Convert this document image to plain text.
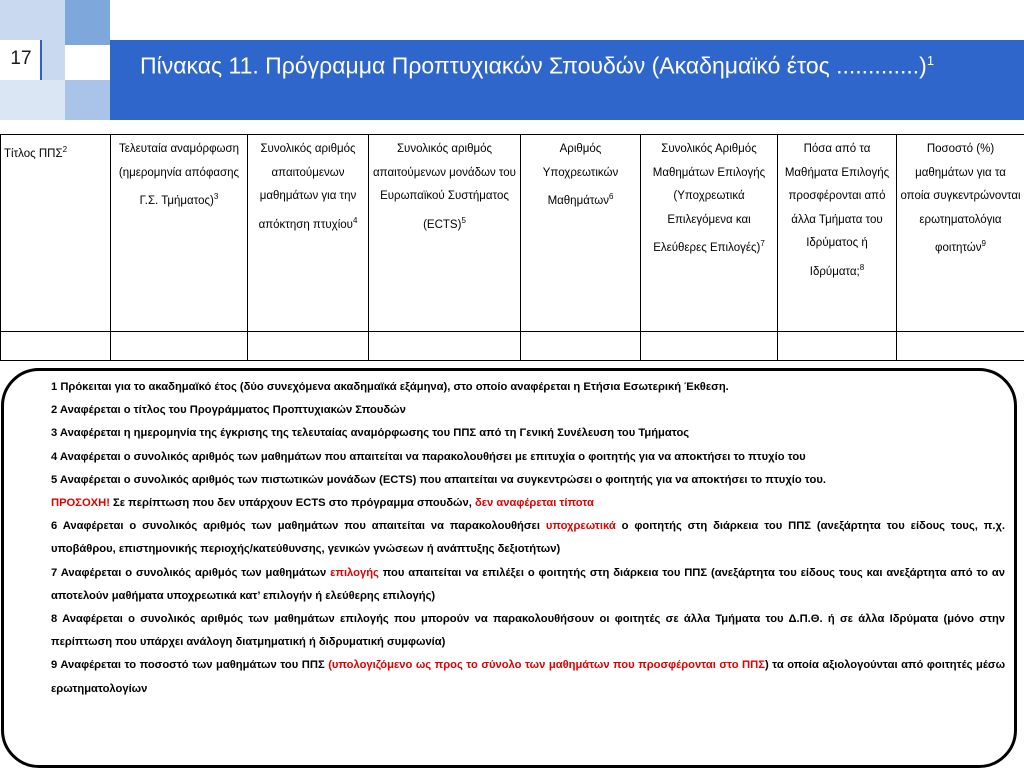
17	Πίνακας 11. Πρόγραμμα Προπτυχιακών Σπουδών (Ακαδημαϊκό έτος .............)$^1$
Τίτλος ΠΠΣ$^2$	Τελευταία αναμόρφωση (ημερομηνία απόφασης Γ.Σ. Τμήματος)$^3$	Συνολικός αριθμός απαιτούμενων μαθημάτων για την απόκτηση πτυχίου$^4$	Συνολικός αριθμός απαιτούμενων μονάδων του Ευρωπαϊκού Συστήματος (ECTS)$^5$	Αριθμός Υποχρεωτικών Μαθημάτων$^6$	Συνολικός Αριθμός Μαθημάτων Επιλογής (Υποχρεωτικά Επιλεγόμενα και Ελεύθερες Επιλογές)$^7$	Πόσα από τα Μαθήματα Επιλογής προσφέρονται από άλλα Τμήματα του Ιδρύματος ή Ιδρύματα;$^8$	Ποσοστό (%) μαθημάτων για τα οποία συγκεντρώνονται ερωτηματολόγια φοιτητών$^9$

1 Πρόκειται για το ακαδημαϊκό έτος (δύο συνεχόμενα ακαδημαϊκά εξάμηνα), στο οποίο αναφέρεται η Ετήσια Εσωτερική Έκθεση.

2 Αναφέρεται ο τίτλος του Προγράμματος Προπτυχιακών Σπουδών

3 Αναφέρεται η ημερομηνία της έγκρισης της τελευταίας αναμόρφωσης του ΠΠΣ από τη Γενική Συνέλευση του Τμήματος

4 Αναφέρεται ο συνολικός αριθμός των μαθημάτων που απαιτείται να παρακολουθήσει με επιτυχία ο φοιτητής για να αποκτήσει το πτυχίο του

5 Αναφέρεται ο συνολικός αριθμός των πιστωτικών μονάδων (ECTS) που απαιτείται να συγκεντρώσει ο φοιτητής για να αποκτήσει το πτυχίο του.

ΠΡΟΣΟΧΗ! Σε περίπτωση που δεν υπάρχουν ECTS στο πρόγραμμα σπουδών, δεν αναφέρεται τίποτα

6 Αναφέρεται ο συνολικός αριθμός των μαθημάτων που απαιτείται να παρακολουθήσει υποχρεωτικά ο φοιτητής στη διάρκεια του ΠΠΣ (ανεξάρτητα του είδους τους, π.χ. υποβάθρου, επιστημονικής περιοχής/κατεύθυνσης, γενικών γνώσεων ή ανάπτυξης δεξιοτήτων)

7 Αναφέρεται ο συνολικός αριθμός των μαθημάτων επιλογής που απαιτείται να επιλέξει ο φοιτητής στη διάρκεια του ΠΠΣ (ανεξάρτητα του είδους τους και ανεξάρτητα από το αν αποτελούν μαθήματα υποχρεωτικά κατ’ επιλογήν ή ελεύθερης επιλογής)

8 Αναφέρεται ο συνολικός αριθμός των μαθημάτων επιλογής που μπορούν να παρακολουθήσουν οι φοιτητές σε άλλα Τμήματα του Δ.Π.Θ. ή σε άλλα Ιδρύματα (μόνο στην περίπτωση που υπάρχει ανάλογη διατμηματική ή διδρυματική συμφωνία)

9 Αναφέρεται το ποσοστό των μαθημάτων του ΠΠΣ (υπολογιζόμενο ως προς το σύνολο των μαθημάτων που προσφέρονται στο ΠΠΣ) τα οποία αξιολογούνται από φοιτητές μέσω ερωτηματολογίων
